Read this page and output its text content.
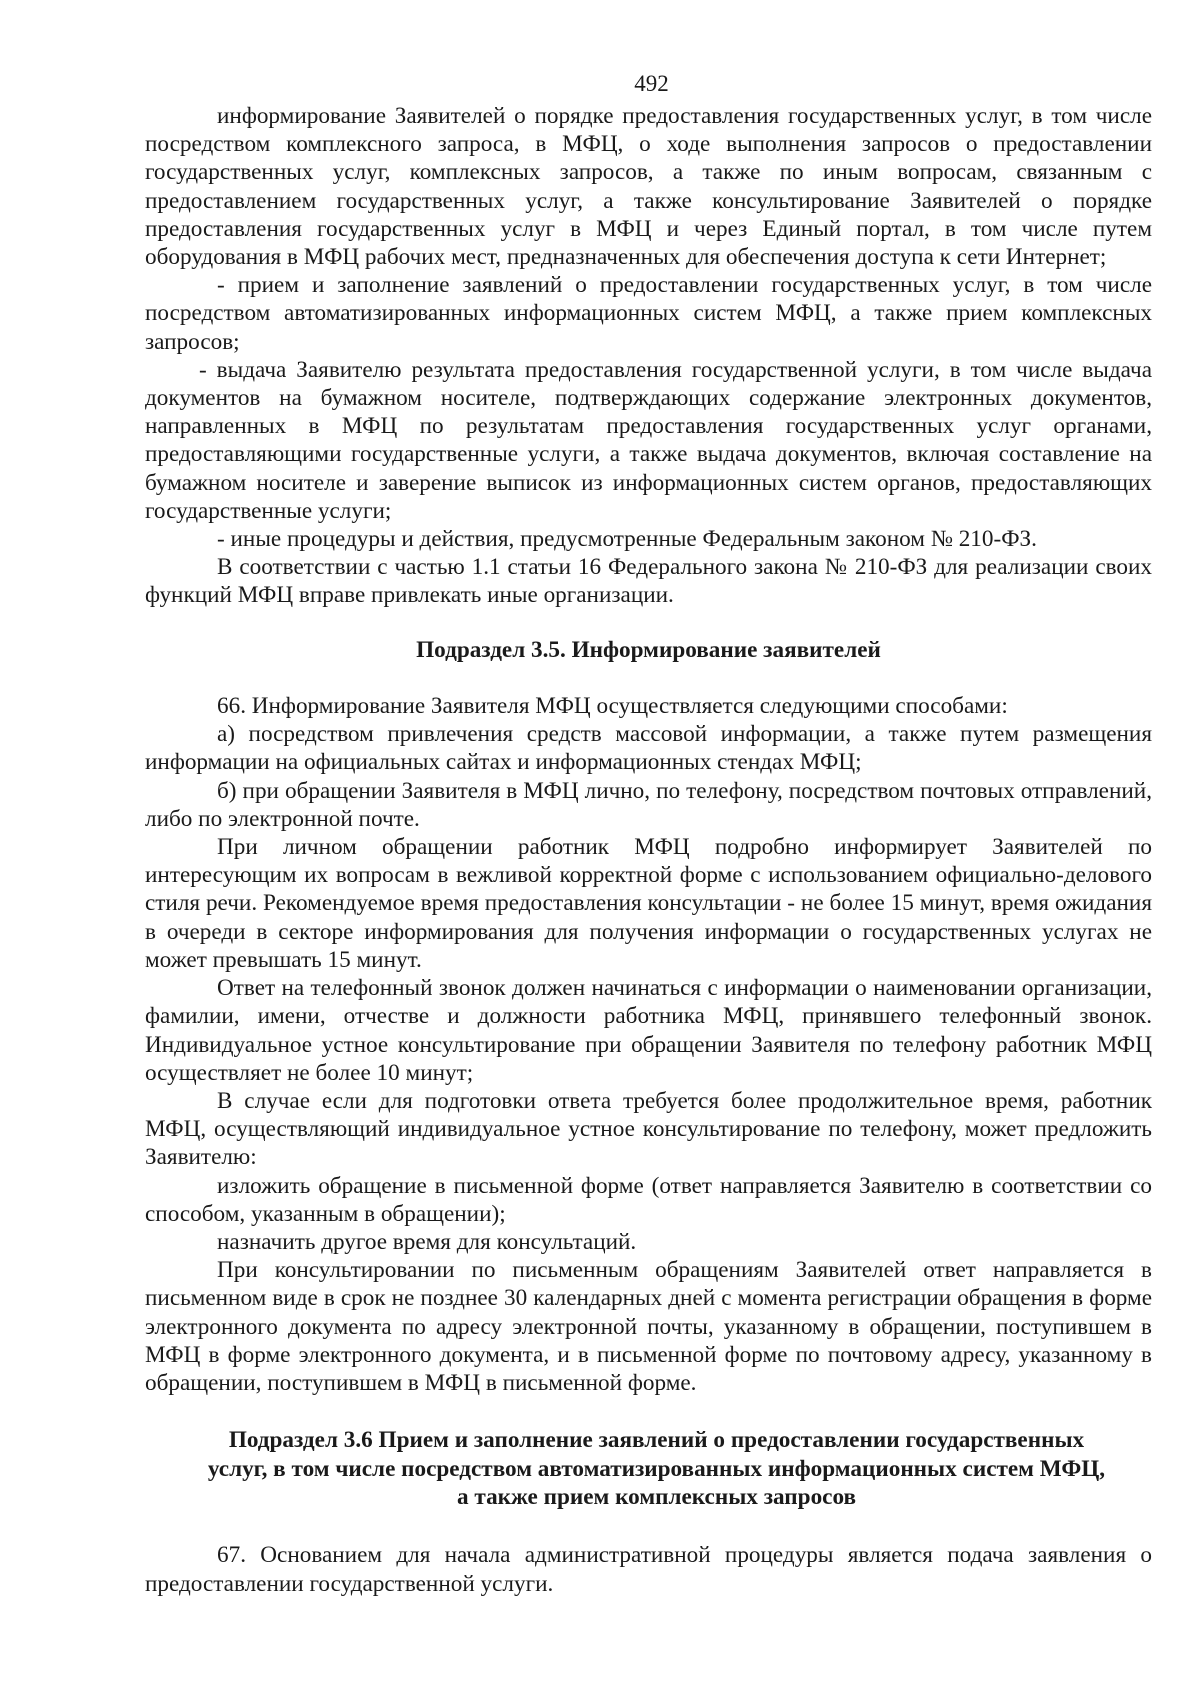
492

информирование Заявителей о порядке предоставления государственных услуг, в том числе посредством комплексного запроса, в МФЦ, о ходе выполнения запросов о предоставлении государственных услуг, комплексных запросов, а также по иным вопросам, связанным с предоставлением государственных услуг, а также консультирование Заявителей о порядке предоставления государственных услуг в МФЦ и через Единый портал, в том числе путем оборудования в МФЦ рабочих мест, предназначенных для обеспечения доступа к сети Интернет;

- прием и заполнение заявлений о предоставлении государственных услуг, в том числе посредством автоматизированных информационных систем МФЦ, а также прием комплексных запросов;

- выдача Заявителю результата предоставления государственной услуги, в том числе выдача документов на бумажном носителе, подтверждающих содержание электронных документов, направленных в МФЦ по результатам предоставления государственных услуг органами, предоставляющими государственные услуги, а также выдача документов, включая составление на бумажном носителе и заверение выписок из информационных систем органов, предоставляющих государственные услуги;

- иные процедуры и действия, предусмотренные Федеральным законом № 210-ФЗ.

В соответствии с частью 1.1 статьи 16 Федерального закона № 210-ФЗ для реализации своих функций МФЦ вправе привлекать иные организации.

Подраздел 3.5. Информирование заявителей

66. Информирование Заявителя МФЦ осуществляется следующими способами:

а) посредством привлечения средств массовой информации, а также путем размещения информации на официальных сайтах и информационных стендах МФЦ;

б) при обращении Заявителя в МФЦ лично, по телефону, посредством почтовых отправлений, либо по электронной почте.

При личном обращении работник МФЦ подробно информирует Заявителей по интересующим их вопросам в вежливой корректной форме с использованием официально-делового стиля речи. Рекомендуемое время предоставления консультации - не более 15 минут, время ожидания в очереди в секторе информирования для получения информации о государственных услугах не может превышать 15 минут.

Ответ на телефонный звонок должен начинаться с информации о наименовании организации, фамилии, имени, отчестве и должности работника МФЦ, принявшего телефонный звонок. Индивидуальное устное консультирование при обращении Заявителя по телефону работник МФЦ осуществляет не более 10 минут;

В случае если для подготовки ответа требуется более продолжительное время, работник МФЦ, осуществляющий индивидуальное устное консультирование по телефону, может предложить Заявителю:

изложить обращение в письменной форме (ответ направляется Заявителю в соответствии со способом, указанным в обращении);

назначить другое время для консультаций.

При консультировании по письменным обращениям Заявителей ответ направляется в письменном виде в срок не позднее 30 календарных дней с момента регистрации обращения в форме электронного документа по адресу электронной почты, указанному в обращении, поступившем в МФЦ в форме электронного документа, и в письменной форме по почтовому адресу, указанному в обращении, поступившем в МФЦ в письменной форме.

Подраздел 3.6 Прием и заполнение заявлений о предоставлении государственных
услуг, в том числе посредством автоматизированных информационных систем МФЦ,
а также прием комплексных запросов

67. Основанием для начала административной процедуры является подача заявления о предоставлении государственной услуги.
